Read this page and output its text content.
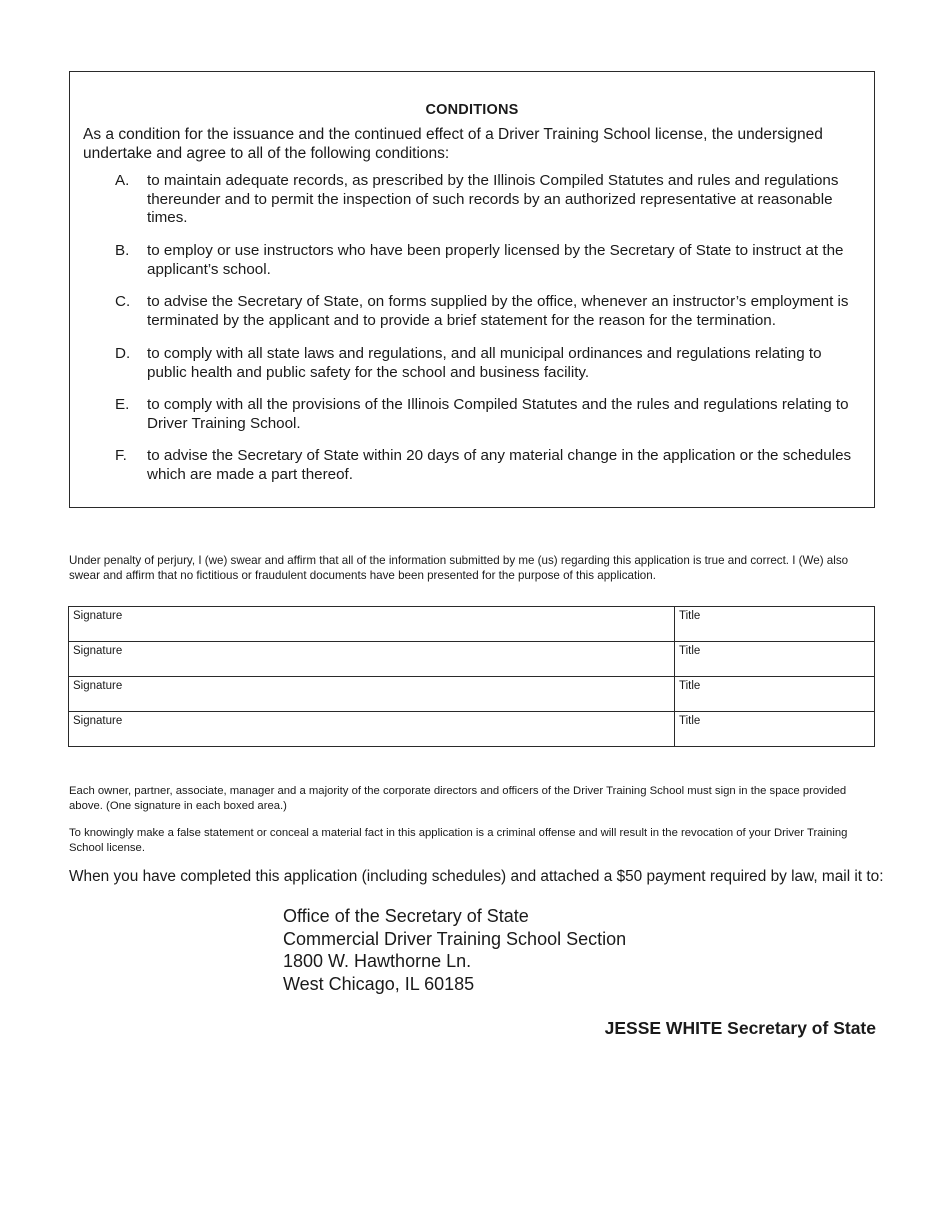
CONDITIONS
As a condition for the issuance and the continued effect of a Driver Training School license, the undersigned undertake and agree to all of the following conditions:
A. to maintain adequate records, as prescribed by the Illinois Compiled Statutes and rules and regulations thereunder and to permit the inspection of such records by an authorized representative at reasonable times.
B. to employ or use instructors who have been properly licensed by the Secretary of State to instruct at the applicant’s school.
C. to advise the Secretary of State, on forms supplied by the office, whenever an instructor’s employment is terminated by the applicant and to provide a brief statement for the reason for the termination.
D. to comply with all state laws and regulations, and all municipal ordinances and regulations relating to public health and public safety for the school and business facility.
E. to comply with all the provisions of the Illinois Compiled Statutes and the rules and regulations relating to Driver Training School.
F. to advise the Secretary of State within 20 days of any material change in the application or the schedules which are made a part thereof.
Under penalty of perjury, I (we) swear and affirm that all of the information submitted by me (us) regarding this application is true and correct. I (We) also swear and affirm that no fictitious or fraudulent documents have been presented for the purpose of this application.
Signature	Title
Signature	Title
Signature	Title
Signature	Title
Each owner, partner, associate, manager and a majority of the corporate directors and officers of the Driver Training School must sign in the space provided above. (One signature in each boxed area.)
To knowingly make a false statement or conceal a material fact in this application is a criminal offense and will result in the revocation of your Driver Training School license.
When you have completed this application (including schedules) and attached a $50 payment required by law, mail it to:
Office of the Secretary of State
Commercial Driver Training School Section
1800 W. Hawthorne Ln.
West Chicago, IL 60185
JESSE WHITE Secretary of State
